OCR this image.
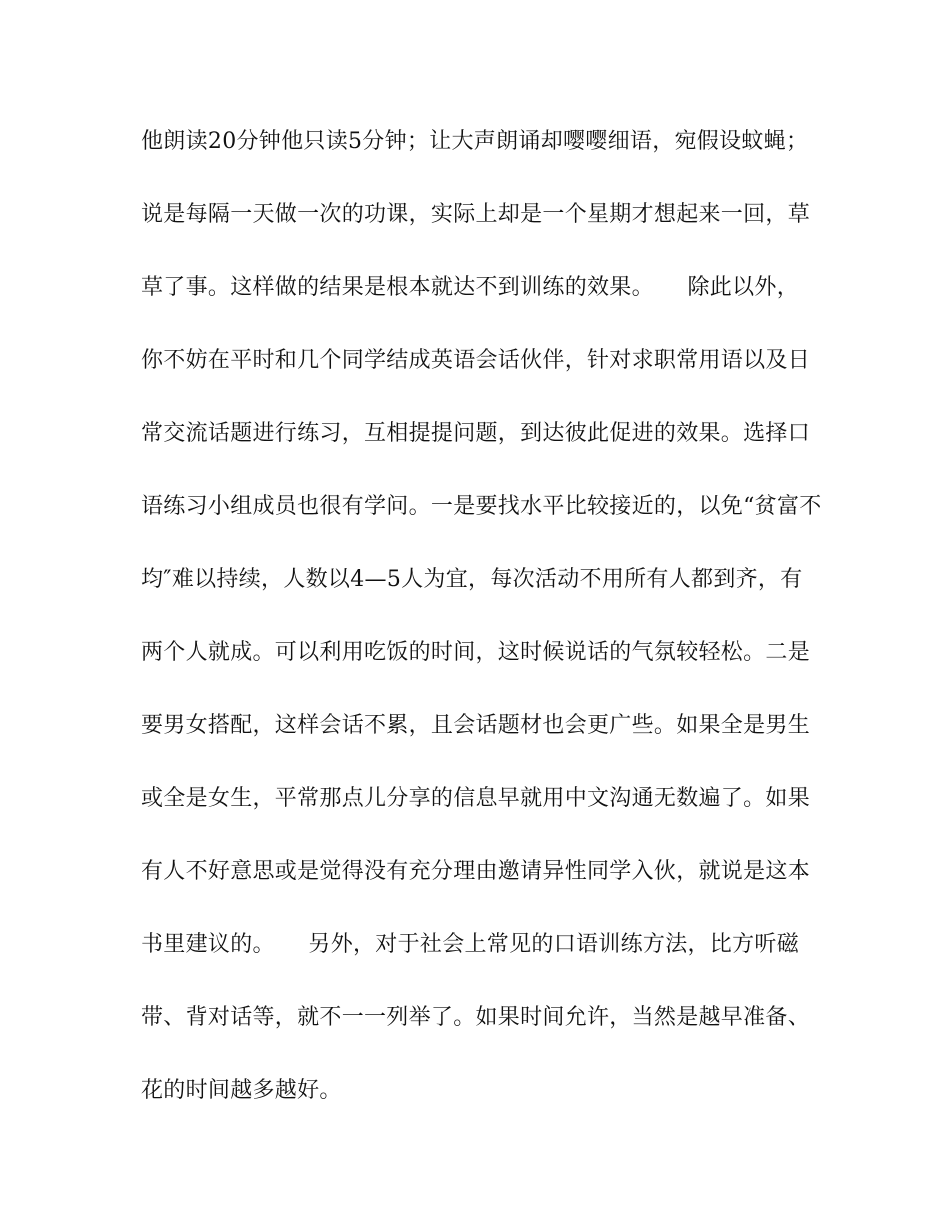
他朗读20分钟他只读5分钟；让大声朗诵却嘤嘤细语，宛假设蚊蝇；
说是每隔一天做一次的功课，实际上却是一个星期才想起来一回，草
草了事。这样做的结果是根本就达不到训练的效果。　　除此以外，
你不妨在平时和几个同学结成英语会话伙伴，针对求职常用语以及日
常交流话题进行练习，互相提提问题，到达彼此促进的效果。选择口
语练习小组成员也很有学问。一是要找水平比较接近的，以免“贫富不
均″难以持续，人数以4—5人为宜，每次活动不用所有人都到齐，有
两个人就成。可以利用吃饭的时间，这时候说话的气氛较轻松。二是
要男女搭配，这样会话不累，且会话题材也会更广些。如果全是男生
或全是女生，平常那点儿分享的信息早就用中文沟通无数遍了。如果
有人不好意思或是觉得没有充分理由邀请异性同学入伙，就说是这本
书里建议的。　　另外，对于社会上常见的口语训练方法，比方听磁
带、背对话等，就不一一列举了。如果时间允许，当然是越早准备、
花的时间越多越好。
